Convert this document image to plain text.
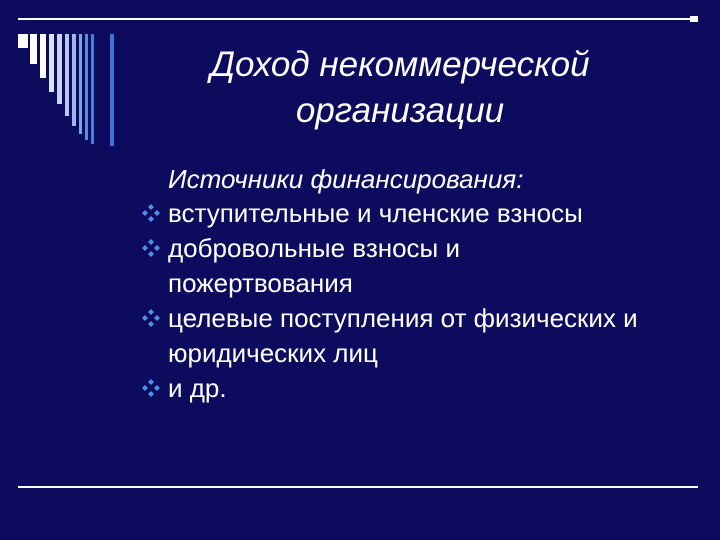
Доход некоммерческой
организации
Источники финансирования:
вступительные и членские взносы
добровольные взносы и
пожертвования
целевые поступления от физических и
юридических лиц
и др.
